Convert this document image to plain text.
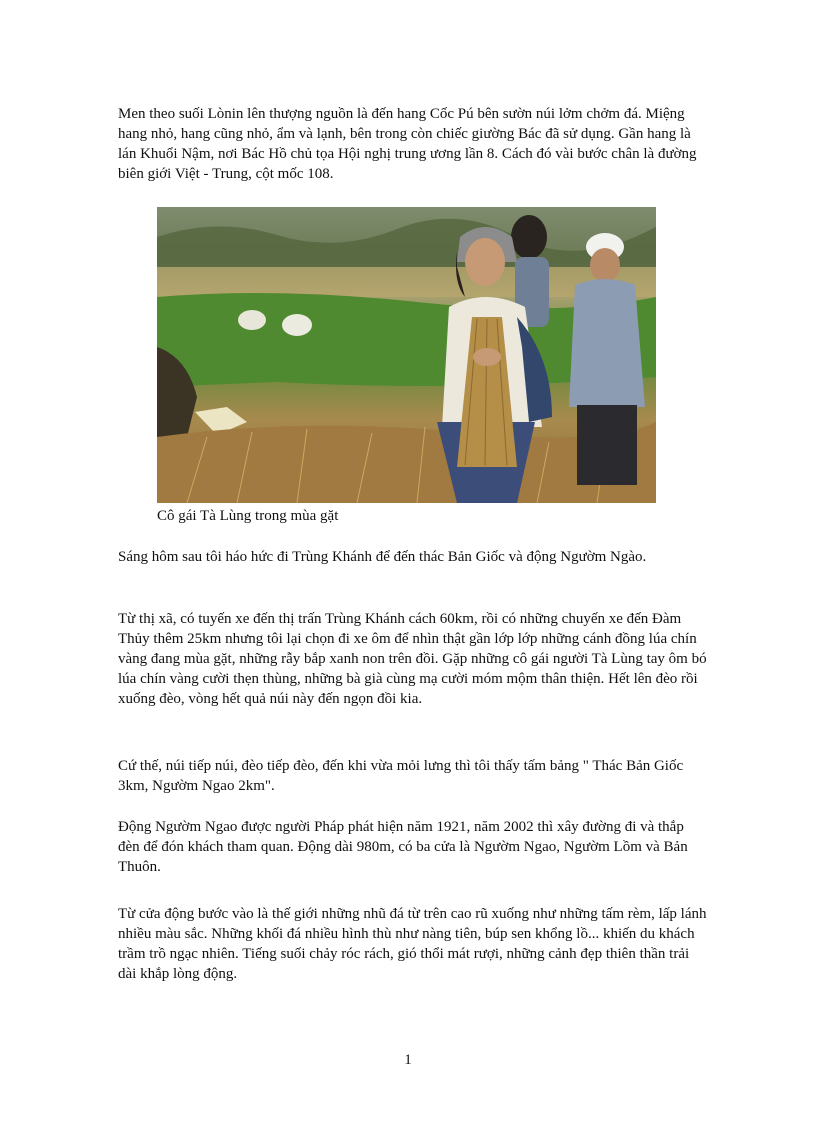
Men theo suối Lònin lên thượng nguồn là đến hang Cốc Pú bên sườn núi lởm chởm đá. Miệng hang nhỏ, hang cũng nhỏ, ẩm và lạnh, bên trong còn chiếc giường Bác đã sử dụng. Gần hang là lán Khuổi Nậm, nơi Bác Hồ chủ tọa Hội nghị trung ương lần 8. Cách đó vài bước chân là đường biên giới Việt - Trung, cột mốc 108.

Cô gái Tà Lùng trong mùa gặt

Sáng hôm sau tôi háo hức đi Trùng Khánh để đến thác Bản Giốc và động Ngườm Ngào.

Từ thị xã, có tuyến xe đến thị trấn Trùng Khánh cách 60km, rồi có những chuyến xe đến Đàm Thủy thêm 25km nhưng tôi lại chọn đi xe ôm để nhìn thật gần lớp lớp những cánh đồng lúa chín vàng đang mùa gặt, những rẫy bắp xanh non trên đồi. Gặp những cô gái người Tà Lùng tay ôm bó lúa chín vàng cười thẹn thùng, những bà già cùng mạ cười móm mộm thân thiện. Hết lên đèo rồi xuống đèo, vòng hết quả núi này đến ngọn đồi kia.

Cứ thế, núi tiếp núi, đèo tiếp đèo, đến khi vừa mỏi lưng thì tôi thấy tấm bảng " Thác Bản Giốc 3km, Ngườm Ngao 2km".

Động Ngườm Ngao được người Pháp phát hiện năm 1921, năm 2002 thì xây đường đi và thắp đèn để đón khách tham quan. Động dài 980m, có ba cửa là Ngườm Ngao, Ngườm Lồm và Bản Thuôn.

Từ cửa động bước vào là thế giới những nhũ đá từ trên cao rũ xuống như những tấm rèm, lấp lánh nhiều màu sắc. Những khối đá nhiều hình thù như nàng tiên, búp sen khổng lồ... khiến du khách trầm trồ ngạc nhiên. Tiếng suối chảy róc rách, gió thổi mát rượi, những cảnh đẹp thiên thần trải dài khắp lòng động.

1
